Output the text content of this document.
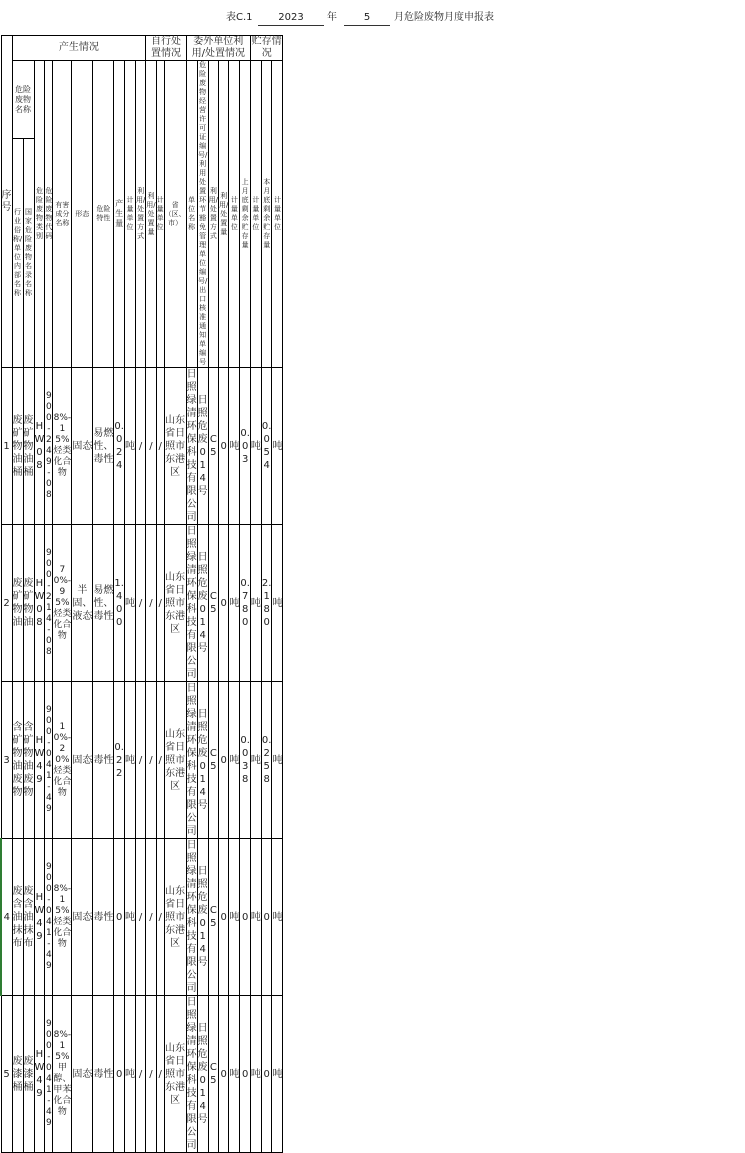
表C.1	2023	年	5	月危险废物月度申报表
序号	产生情况										自行处置情况			委外单位利用/处置情况						贮存情况		
	危险废物名称		危险废物类别	危险废物代码	有害成分名称	形态	危险特性	产生量	计量单位	利用/处置方式	利用/处置量	计量单位	省（区、市）	单位名称	危险废物经营许可证编号/利用处置环节豁免管理单位编号/出口核准通知单编号	利用/处置方式	利用/处置量	计量单位	上月底剩余贮存量	计量单位	本月底剩余贮存量	计量单位
	行业俗称/单位内部名称	国家危险废物名录名称																				
1	废矿物油桶	废矿物油桶	HW08	900-249-08	8%-15%烃类化合物	固态	易燃性、毒性	0.024	吨	/	/	/	山东省日照市东港区	日照绿清环保科技有限公司	日照危废014号	C5	0	吨	0.03	吨	0.054	吨
2	废矿物油	废矿物油	HW08	900-214-08	70%-95%烃类化合物	半固、液态	易燃性、毒性	1.400	吨	/	/	/	山东省日照市东港区	日照绿清环保科技有限公司	日照危废014号	C5	0	吨	0.780	吨	2.180	吨
3	含矿物油废物	含矿物油废物	HW49	900-041-49	10%-20%烃类化合物	固态	毒性	0.22	吨	/	/	/	山东省日照市东港区	日照绿清环保科技有限公司	日照危废014号	C5	0	吨	0.038	吨	0.258	吨
4	废含油抹布	废含油抹布	HW49	900-041-49	8%-15%烃类化合物	固态	毒性	0	吨	/	/	/	山东省日照市东港区	日照绿清环保科技有限公司	日照危废014号	C5	0	吨	0	吨	0	吨
5	废漆桶	废漆桶	HW49	900-041-49	8%-15%甲醇、甲苯化合物	固态	毒性	0	吨	/	/	/	山东省日照市东港区	日照绿清环保科技有限公司	日照危废014号	C5	0	吨	0	吨	0	吨
